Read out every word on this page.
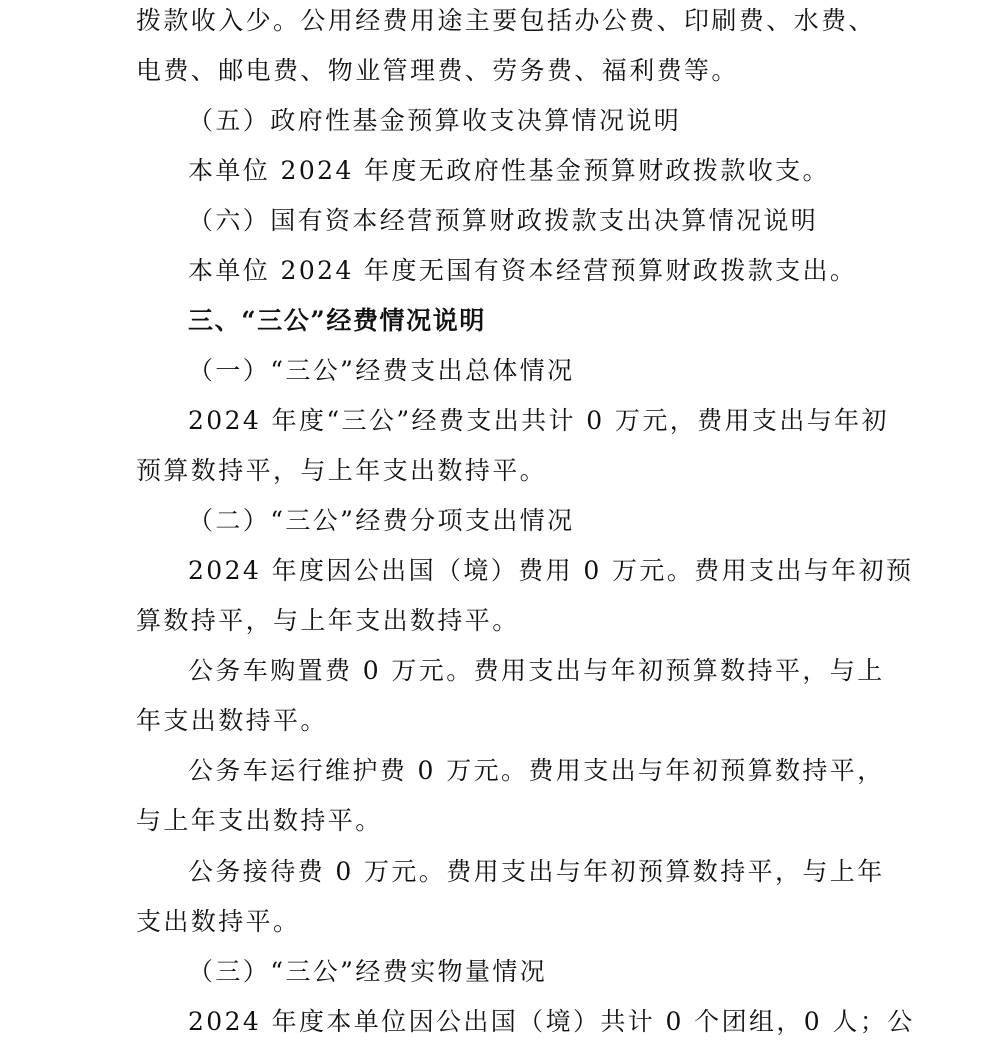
拨款收入少。公用经费用途主要包括办公费、印刷费、水费、
电费、邮电费、物业管理费、劳务费、福利费等。
（五）政府性基金预算收支决算情况说明
本单位 2024 年度无政府性基金预算财政拨款收支。
（六）国有资本经营预算财政拨款支出决算情况说明
本单位 2024 年度无国有资本经营预算财政拨款支出。
三、“三公”经费情况说明
（一）“三公”经费支出总体情况
2024 年度“三公”经费支出共计 0 万元，费用支出与年初
预算数持平，与上年支出数持平。
（二）“三公”经费分项支出情况
2024 年度因公出国（境）费用 0 万元。费用支出与年初预
算数持平，与上年支出数持平。
公务车购置费 0 万元。费用支出与年初预算数持平，与上
年支出数持平。
公务车运行维护费 0 万元。费用支出与年初预算数持平，
与上年支出数持平。
公务接待费 0 万元。费用支出与年初预算数持平，与上年
支出数持平。
（三）“三公”经费实物量情况
2024 年度本单位因公出国（境）共计 0 个团组，0 人；公
